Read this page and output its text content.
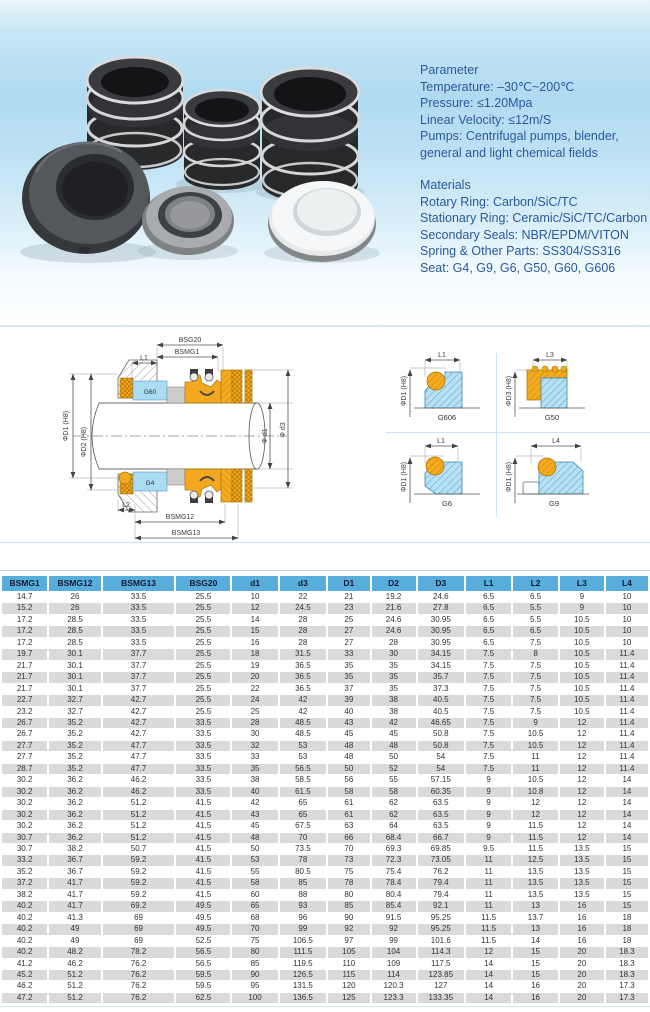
Parameter
Temperature: –30℃~200℃
Pressure: ≤1.20Mpa
Linear Velocity: ≤12m/S
Pumps: Centrifugal pumps, blender,
general and light chemical fields
Materials
Rotary Ring: Carbon/SiC/TC
Stationary Ring: Ceramic/SiC/TC/Carbon
Secondary Seals: NBR/EPDM/VITON
Spring & Other Parts: SS304/SS316
Seat: G4, G9, G6, G50, G60, G606
BSG20
BSMG1
L1
L2
BSMG12
BSMG13
ΦD1 (H8)
ΦD2 (H8)	Φ d1 Φ d3
G60
G4
L1
ΦD1 (H8)
G606
L3
ΦD3 (H8)
G50
L1
ΦD1 (H8)
G6
L4
ΦD1 (H8)
G9
BSMG1	BSMG12	BSMG13	BSG20	d1	d3	D1	D2	D3	L1	L2	L3	L4
14.7	26	33.5	25.5	10	22	21	19.2	24.6	6.5	6.5	9	10
15.2	26	33.5	25.5	12	24.5	23	21.6	27.8	6.5	5.5	9	10
17.2	28.5	33.5	25.5	14	28	25	24.6	30.95	6.5	5.5	10.5	10
17.2	28.5	33.5	25.5	15	28	27	24.6	30.95	6.5	6.5	10.5	10
17.2	28.5	33.5	25.5	16	28	27	28	30.95	6.5	7.5	10.5	10
19.7	30.1	37.7	25.5	18	31.5	33	30	34.15	7.5	8	10.5	11.4
21.7	30.1	37.7	25.5	19	36.5	35	35	34.15	7.5	7.5	10.5	11.4
21.7	30.1	37.7	25.5	20	36.5	35	35	35.7	7.5	7.5	10.5	11.4
21.7	30.1	37.7	25.5	22	36.5	37	35	37.3	7.5	7.5	10.5	11.4
22.7	32.7	42.7	25.5	24	42	39	38	40.5	7.5	7.5	10.5	11.4
23.2	32.7	42.7	25.5	25	42	40	38	40.5	7.5	7.5	10.5	11.4
26.7	35.2	42.7	33.5	28	48.5	43	42	46.65	7.5	9	12	11.4
26.7	35.2	42.7	33.5	30	48.5	45	45	50.8	7.5	10.5	12	11.4
27.7	35.2	47.7	33.5	32	53	48	48	50.8	7.5	10.5	12	11.4
27.7	35.2	47.7	33.5	33	53	48	50	54	7.5	11	12	11.4
28.7	35.2	47.7	33.5	35	56.5	50	52	54	7.5	11	12	11.4
30.2	36.2	46.2	33.5	38	58.5	56	55	57.15	9	10.5	12	14
30.2	36.2	46.2	33.5	40	61.5	58	58	60.35	9	10.8	12	14
30.2	36.2	51.2	41.5	42	65	61	62	63.5	9	12	12	14
30.2	36.2	51.2	41.5	43	65	61	62	63.5	9	12	12	14
30.2	36.2	51.2	41.5	45	67.5	63	64	63.5	9	11.5	12	14
30.7	36.2	51.2	41.5	48	70	66	68.4	66.7	9	11.5	12	14
30.7	38.2	50.7	41.5	50	73.5	70	69.3	69.85	9.5	11.5	13.5	15
33.2	36.7	59.2	41.5	53	78	73	72.3	73.05	11	12.5	13.5	15
35.2	36.7	59.2	41.5	55	80.5	75	75.4	76.2	11	13.5	13.5	15
37.2	41.7	59.2	41.5	58	85	78	78.4	79.4	11	13.5	13.5	15
38.2	41.7	59.2	41.5	60	88	80	80.4	79.4	11	13.5	13.5	15
40.2	41.7	69.2	49.5	65	93	85	85.4	92.1	11	13	16	15
40.2	41.3	69	49.5	68	96	90	91.5	95.25	11.5	13.7	16	18
40.2	49	69	49.5	70	99	92	92	95.25	11.5	13	16	18
40.2	49	69	52.5	75	106.5	97	99	101.6	11.5	14	16	18
40.2	48.2	78.2	56.5	80	111.5	105	104	114.3	12	15	20	18.3
41.2	46.2	76.2	56.5	85	119.5	110	109	117.5	14	15	20	18.3
45.2	51.2	76.2	59.5	90	126.5	115	114	123.85	14	15	20	18.3
46.2	51.2	76.2	59.5	95	131.5	120	120.3	127	14	16	20	17.3
47.2	51.2	76.2	62.5	100	136.5	125	123.3	133.35	14	16	20	17.3
